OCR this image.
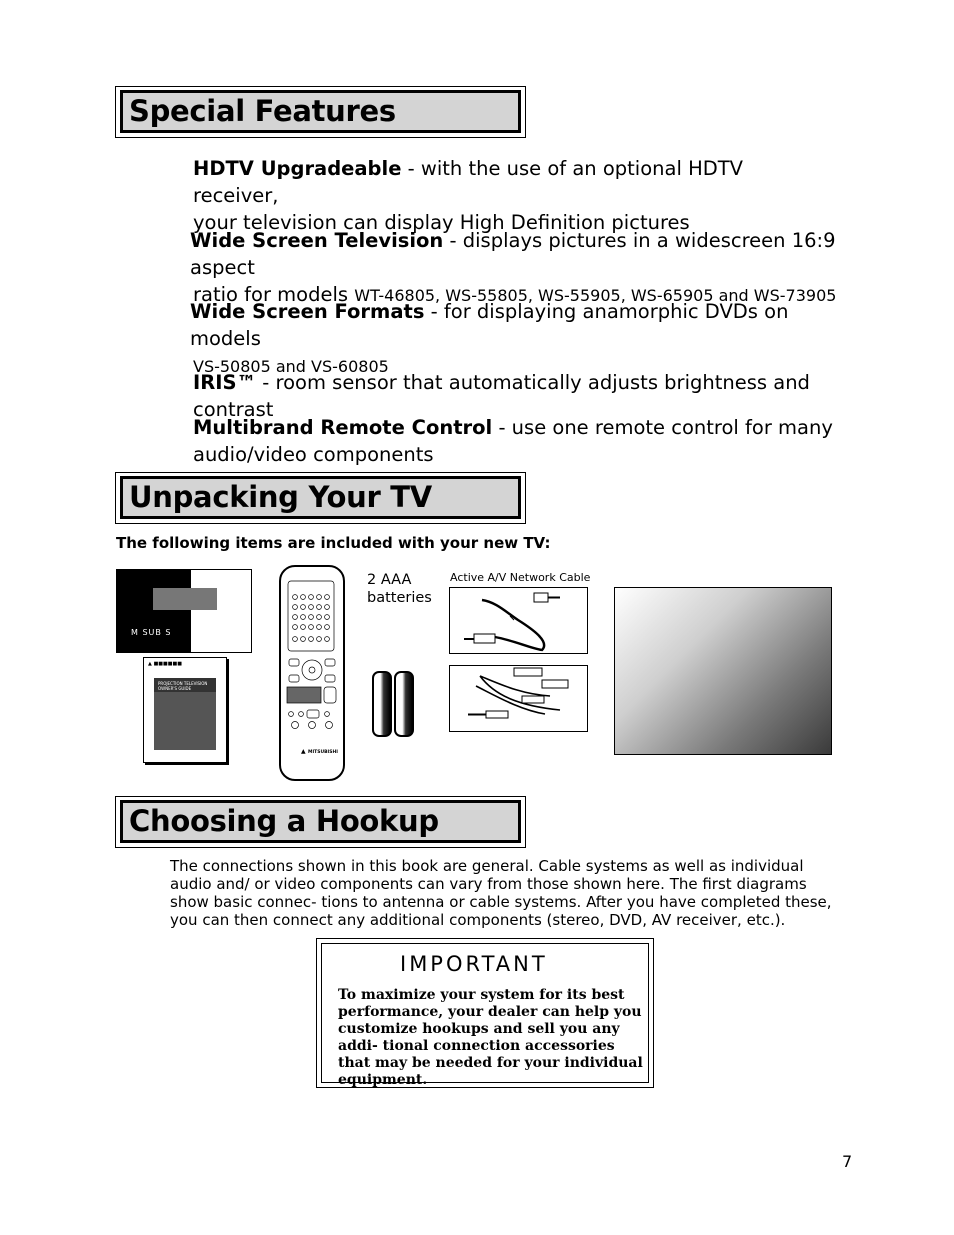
Special Features
HDTV Upgradeable - with the use of an optional HDTV receiver,
your television can display High Definition pictures
Wide Screen Television - displays pictures in a widescreen 16:9 aspect
ratio for models WT-46805, WS-55805, WS-55905, WS-65905 and WS-73905
Wide Screen Formats - for displaying anamorphic DVDs on models
VS-50805 and VS-60805
IRIS™ - room sensor that automatically adjusts brightness and contrast
Multibrand Remote Control - use one remote control for many
audio/video components
Unpacking Your TV
The following items are included with your new TV:
M SUB S
▲ ■■■■■■
PROJECTION TELEVISION OWNER'S GUIDE
▲ MITSUBISHI
2 AAA
batteries
Active A/V Network Cable
Choosing a Hookup
The connections shown in this book are general. Cable systems as well as individual audio and/ or video components can vary from those shown here. The first diagrams show basic connec- tions to antenna or cable systems. After you have completed these, you can then connect any additional components (stereo, DVD, AV receiver, etc.).
IMPORTANT
To maximize your system for its best performance, your dealer can help you customize hookups and sell you any addi- tional connection accessories that may be needed for your individual equipment.
7
